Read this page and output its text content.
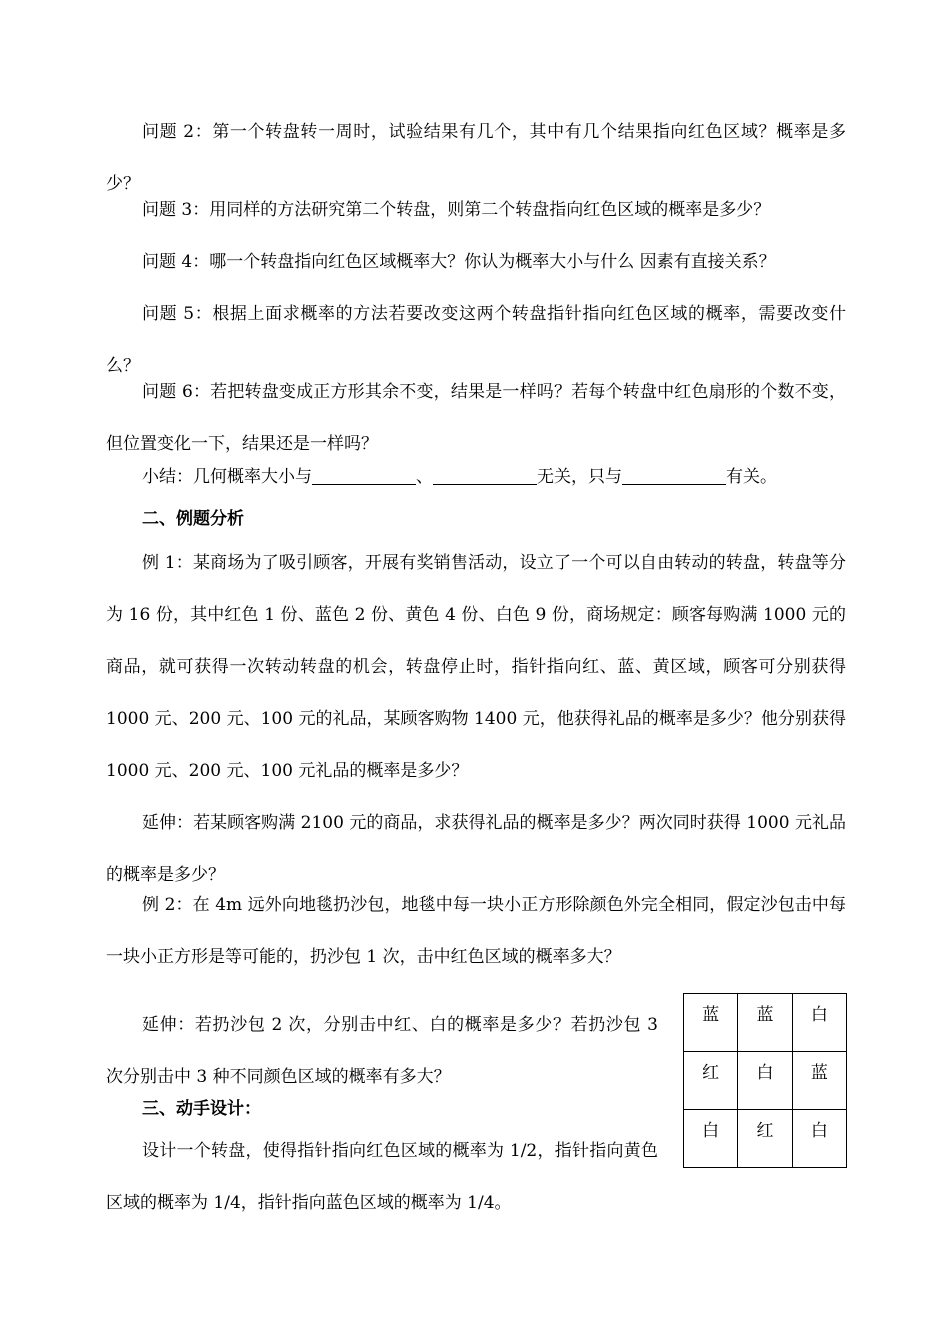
问题 2：第一个转盘转一周时，试验结果有几个，其中有几个结果指向红色区域？概率是多少？

问题 3：用同样的方法研究第二个转盘，则第二个转盘指向红色区域的概率是多少？

问题 4：哪一个转盘指向红色区域概率大？你认为概率大小与什么 因素有直接关系？

问题 5：根据上面求概率的方法若要改变这两个转盘指针指向红色区域的概率，需要改变什么？

问题 6：若把转盘变成正方形其余不变，结果是一样吗？若每个转盘中红色扇形的个数不变，但位置变化一下，结果还是一样吗？

小结：几何概率大小与	、	无关，只与	有关。

二、例题分析

例 1：某商场为了吸引顾客，开展有奖销售活动，设立了一个可以自由转动的转盘，转盘等分为 16 份，其中红色 1 份、蓝色 2 份、黄色 4 份、白色 9 份，商场规定：顾客每购满 1000 元的商品，就可获得一次转动转盘的机会，转盘停止时，指针指向红、蓝、黄区域，顾客可分别获得 1000 元、200 元、100 元的礼品，某顾客购物 1400 元，他获得礼品的概率是多少？他分别获得 1000 元、200 元、100 元礼品的概率是多少？

延伸：若某顾客购满 2100 元的商品，求获得礼品的概率是多少？两次同时获得 1000 元礼品的概率是多少？

例 2：在 4m 远外向地毯扔沙包，地毯中每一块小正方形除颜色外完全相同，假定沙包击中每一块小正方形是等可能的，扔沙包 1 次，击中红色区域的概率多大？

延伸：若扔沙包 2 次，分别击中红、白的概率是多少？若扔沙包 3 次分别击中 3 种不同颜色区域的概率有多大？

蓝	蓝	白
红	白	蓝
白	红	白

三、动手设计：

设计一个转盘，使得指针指向红色区域的概率为 1/2，指针指向黄色区域的概率为 1/4，指针指向蓝色区域的概率为 1/4。
